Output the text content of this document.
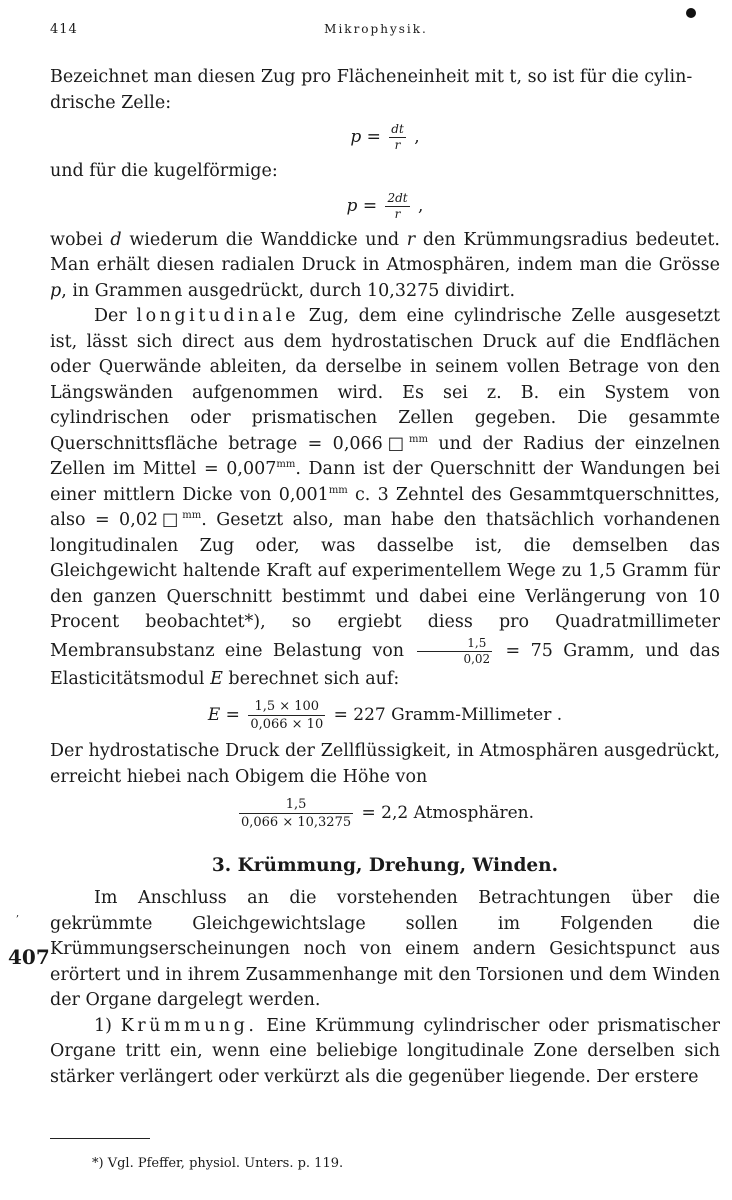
414	Mikrophysik.

Bezeichnet man diesen Zug pro Flächeneinheit mit t, so ist für die cylin-
drische Zelle:

$p = \frac{dt}{r}$ ,

und für die kugelförmige:

$p = \frac{2dt}{r}$ ,

wobei d wiederum die Wanddicke und r den Krümmungsradius bedeutet. Man erhält diesen radialen Druck in Atmosphären, indem man die Grösse p, in Grammen ausgedrückt, durch 10,3275 dividirt.

Der longitudinale Zug, dem eine cylindrische Zelle ausgesetzt ist, lässt sich direct aus dem hydrostatischen Druck auf die Endflächen oder Querwände ableiten, da derselbe in seinem vollen Betrage von den Längswänden aufgenommen wird. Es sei z. B. ein System von cylindrischen oder prismatischen Zellen gegeben. Die gesammte Querschnittsfläche betrage = 0,066□$^{mm}$ und der Radius der einzelnen Zellen im Mittel = $0,007^{mm}$. Dann ist der Querschnitt der Wandungen bei einer mittlern Dicke von $0,001^{mm}$ c. 3 Zehntel des Gesammtquerschnittes, also = 0,02□$^{mm}$. Gesetzt also, man habe den thatsächlich vorhandenen longitudinalen Zug oder, was dasselbe ist, die demselben das Gleichgewicht haltende Kraft auf experimentellem Wege zu 1,5 Gramm für den ganzen Querschnitt bestimmt und dabei eine Verlängerung von 10 Procent beobachtet*), so ergiebt diess pro Quadratmillimeter Membransubstanz eine Belastung von $\frac{1,5}{0,02} = 75$ Gramm, und das Elasticitätsmodul E berechnet sich auf:

$E = \frac{1,5 \times 100}{0,066 \times 10} = 227$ Gramm-Millimeter .

Der hydrostatische Druck der Zellflüssigkeit, in Atmosphären ausgedrückt, erreicht hiebei nach Obigem die Höhe von

$\frac{1,5}{0,066 \times 10,3275} = 2,2$ Atmosphären.
3. Krümmung, Drehung, Winden.

Im Anschluss an die vorstehenden Betrachtungen über die gekrümmte Gleichgewichtslage sollen im Folgenden die Krümmungserscheinungen noch von einem andern Gesichtspunct aus erörtert und in ihrem Zusammenhange mit den Torsionen und dem Winden der Organe dargelegt werden.

1) Krümmung. Eine Krümmung cylindrischer oder prismatischer Organe tritt ein, wenn eine beliebige longitudinale Zone derselben sich stärker verlängert oder verkürzt als die gegenüber liegende. Der erstere

407
,
*) Vgl. Pfeffer, physiol. Unters. p. 119.
